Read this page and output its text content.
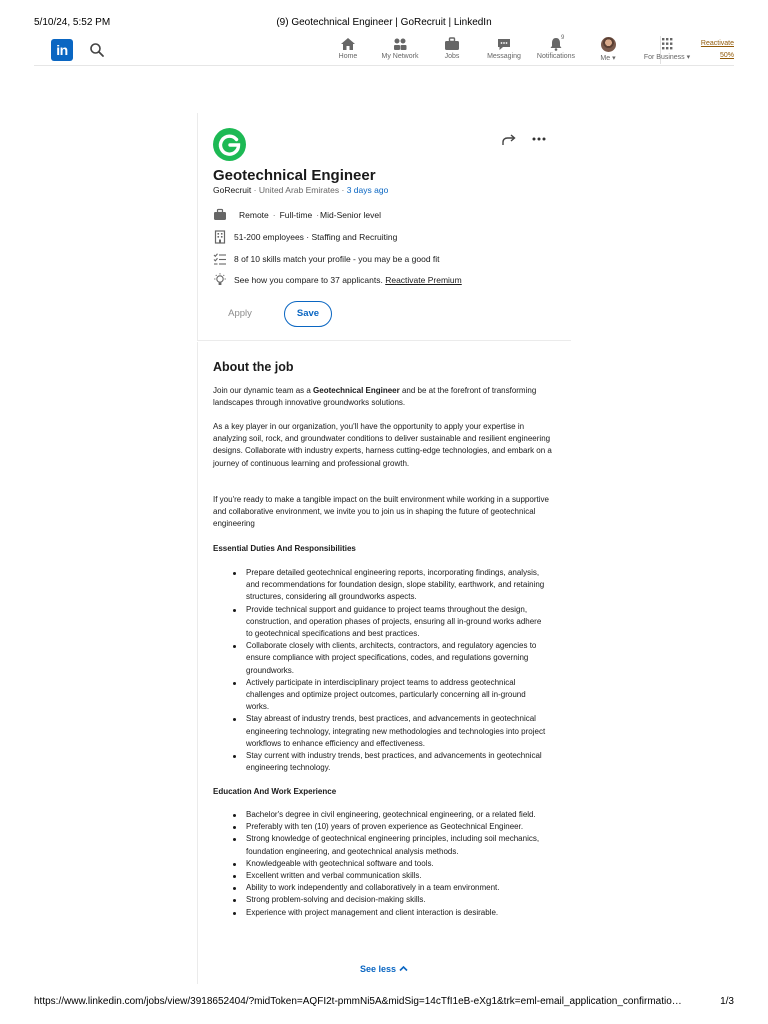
5/10/24, 5:52 PM	(9) Geotechnical Engineer | GoRecruit | LinkedIn
in	Home	My Network	Jobs	Messaging
9
Notifications	Me ▾	For Business ▾
Reactivate
50%
Geotechnical Engineer
GoRecruit · United Arab Emirates · 3 days ago
Remote · Full-time ·Mid-Senior level
51-200 employees · Staffing and Recruiting
8 of 10 skills match your profile - you may be a good fit
See how you compare to 37 applicants. Reactivate Premium
Apply	Save
About the job

Join our dynamic team as a Geotechnical Engineer and be at the forefront of transforming landscapes through innovative groundworks solutions.

As a key player in our organization, you'll have the opportunity to apply your expertise in analyzing soil, rock, and groundwater conditions to deliver sustainable and resilient engineering designs. Collaborate with industry experts, harness cutting-edge technologies, and embark on a journey of continuous learning and professional growth.

If you're ready to make a tangible impact on the built environment while working in a supportive and collaborative environment, we invite you to join us in shaping the future of geotechnical engineering

Essential Duties And Responsibilities
Prepare detailed geotechnical engineering reports, incorporating findings, analysis, and recommendations for foundation design, slope stability, earthwork, and retaining structures, considering all groundworks aspects.
Provide technical support and guidance to project teams throughout the design, construction, and operation phases of projects, ensuring all in-ground works adhere to geotechnical specifications and best practices.
Collaborate closely with clients, architects, contractors, and regulatory agencies to ensure compliance with project specifications, codes, and regulations governing groundworks.
Actively participate in interdisciplinary project teams to address geotechnical challenges and optimize project outcomes, particularly concerning all in-ground works.
Stay abreast of industry trends, best practices, and advancements in geotechnical engineering technology, integrating new methodologies and technologies into project workflows to enhance efficiency and effectiveness.
Stay current with industry trends, best practices, and advancements in geotechnical engineering technology.
Education And Work Experience
Bachelor's degree in civil engineering, geotechnical engineering, or a related field.
Preferably with ten (10) years of proven experience as Geotechnical Engineer.
Strong knowledge of geotechnical engineering principles, including soil mechanics, foundation engineering, and geotechnical analysis methods.
Knowledgeable with geotechnical software and tools.
Excellent written and verbal communication skills.
Ability to work independently and collaboratively in a team environment.
Strong problem-solving and decision-making skills.
Experience with project management and client interaction is desirable.
See less
https://www.linkedin.com/jobs/view/3918652404/?midToken=AQFI2t-pmmNi5A&midSig=14cTfI1eB-eXg1&trk=eml-email_application_confirmatio…	1/3
